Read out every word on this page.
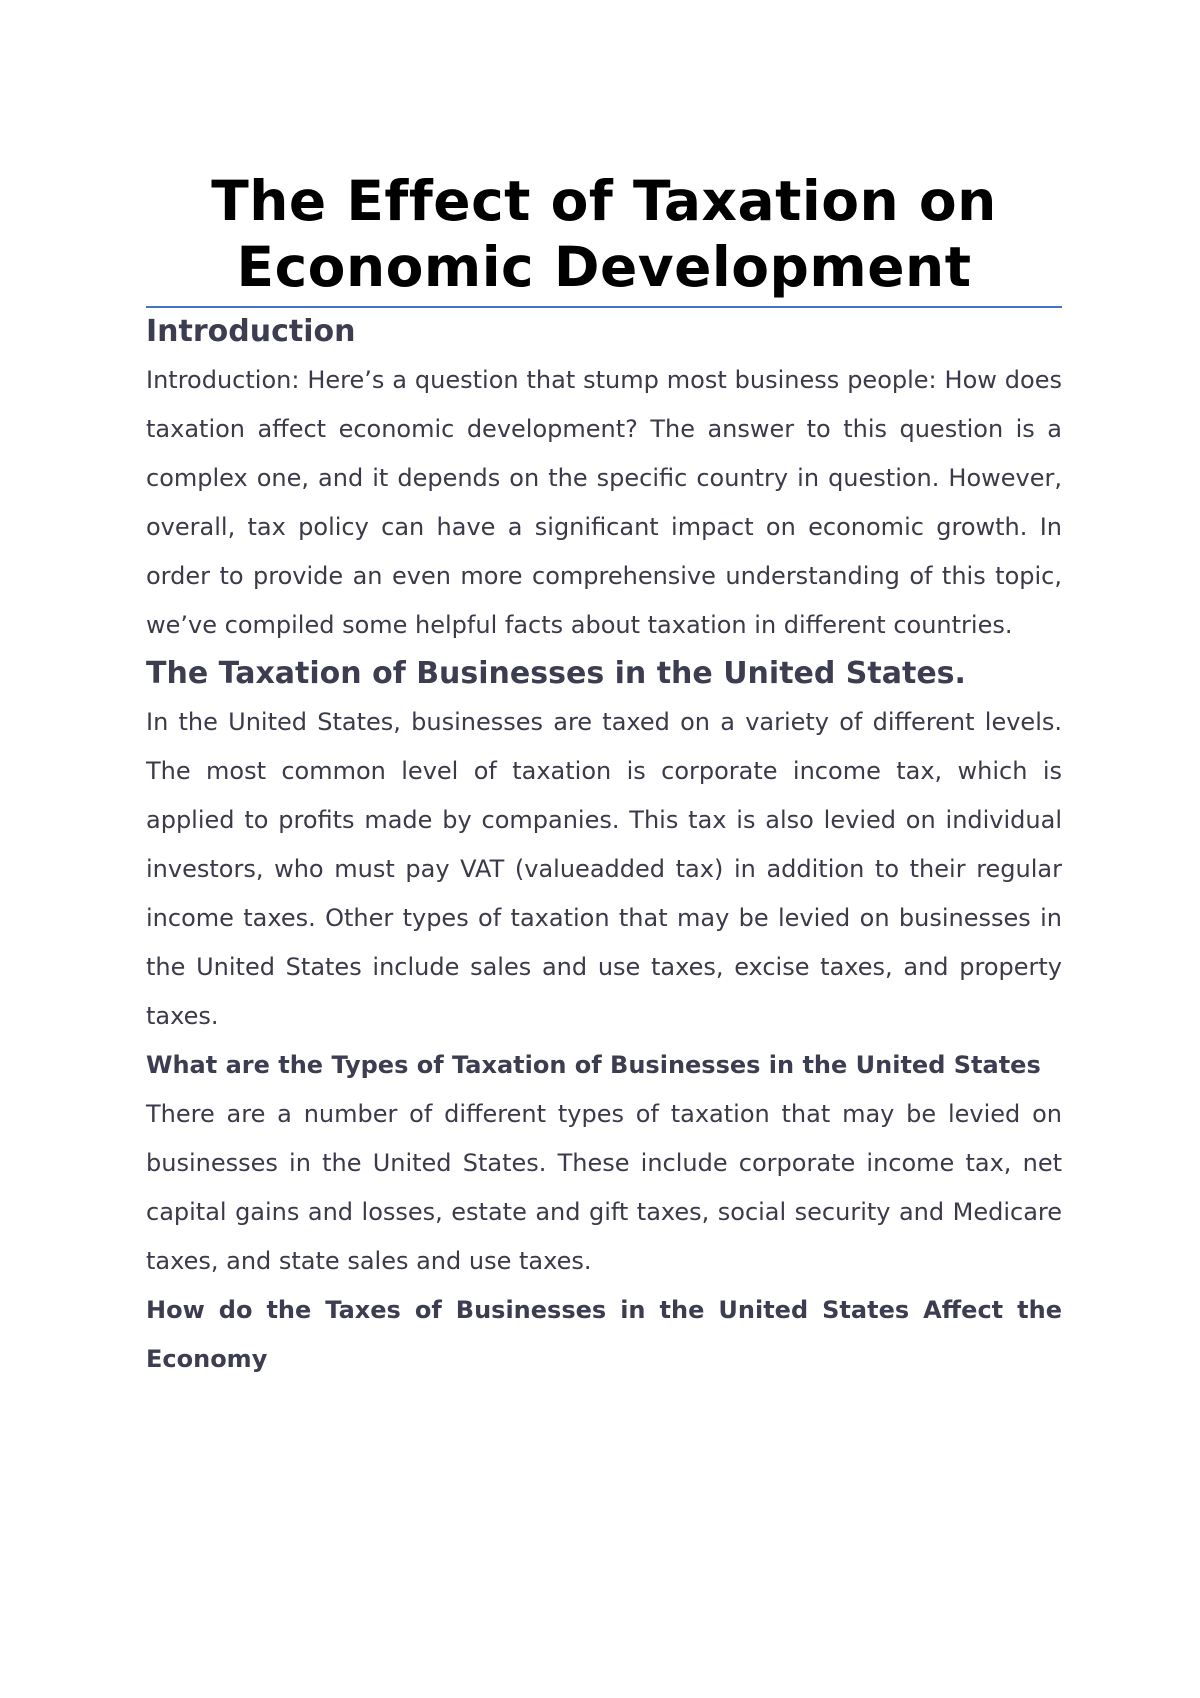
The Effect of Taxation on
Economic Development
Introduction

Introduction: Here’s a question that stump most business people: How does taxation affect economic development? The answer to this question is a complex one, and it depends on the specific country in question. However, overall, tax policy can have a significant impact on economic growth. In order to provide an even more comprehensive understanding of this topic, we’ve compiled some helpful facts about taxation in different countries.

The Taxation of Businesses in the United States.

In the United States, businesses are taxed on a variety of different levels. The most common level of taxation is corporate income tax, which is applied to profits made by companies. This tax is also levied on individual investors, who must pay VAT (valueadded tax) in addition to their regular income taxes. Other types of taxation that may be levied on businesses in the United States include sales and use taxes, excise taxes, and property taxes.

What are the Types of Taxation of Businesses in the United States

There are a number of different types of taxation that may be levied on businesses in the United States. These include corporate income tax, net capital gains and losses, estate and gift taxes, social security and Medicare taxes, and state sales and use taxes.

How do the Taxes of Businesses in the United States Affect the Economy
